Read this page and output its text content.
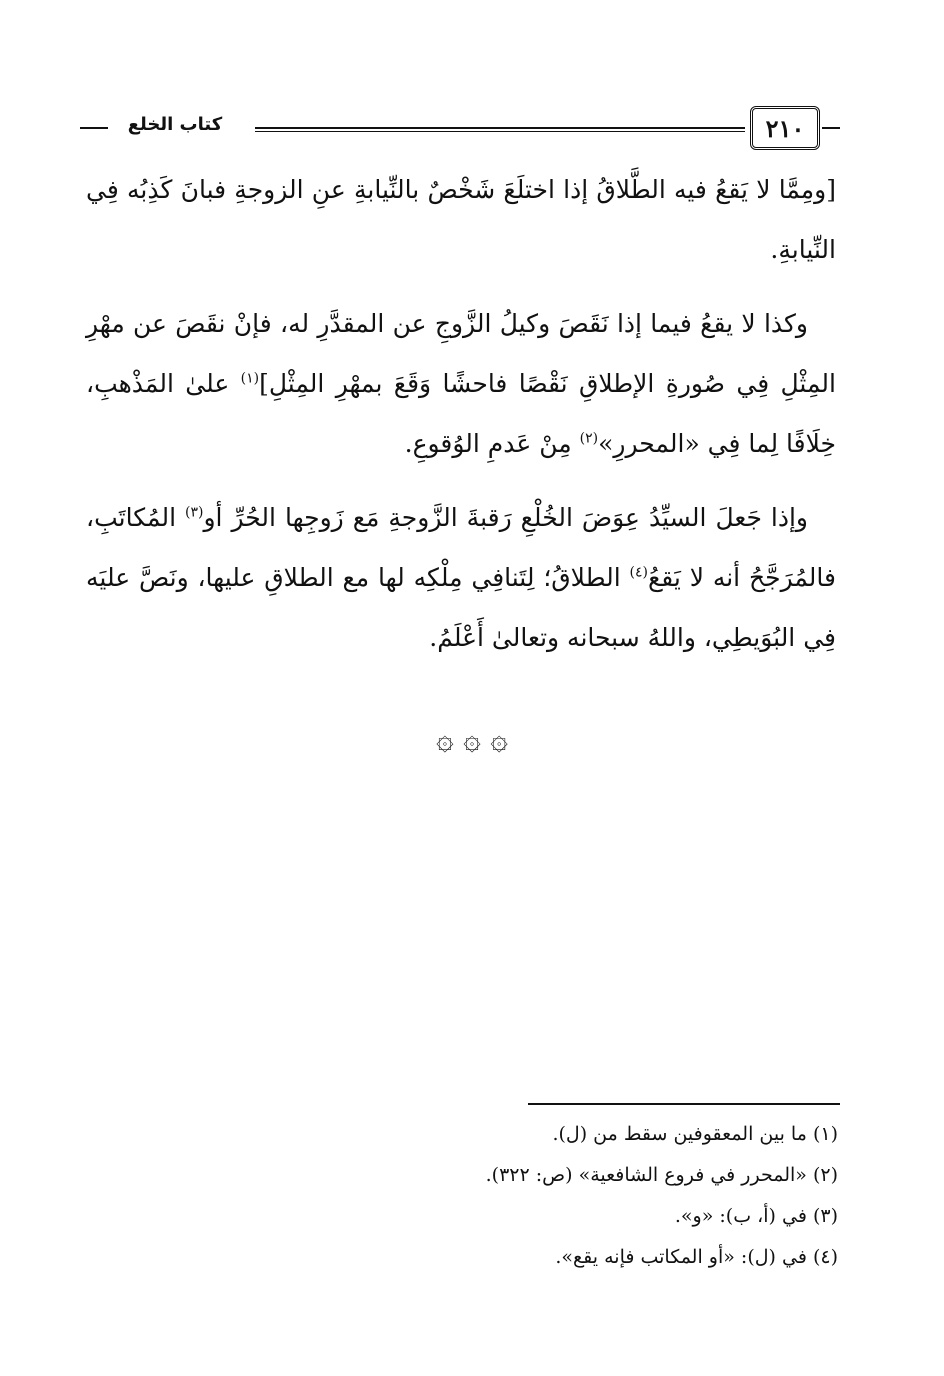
٢١٠
كتاب الخلع

[ومِمَّا لا يَقعُ فيه الطَّلاقُ إذا اختلَعَ شَخْصٌ بالنِّيابةِ عنِ الزوجةِ فبانَ كَذِبُه فِي النِّيابةِ.

وكذا لا يقعُ فيما إذا نَقَصَ وكيلُ الزَّوجِ عن المقدَّرِ له، فإنْ نقَصَ عن مهْرِ المِثْلِ فِي صُورةِ الإطلاقِ نَقْصًا فاحشًا وَقَعَ بمهْرِ المِثْلِ]$^{(١)}$ علىٰ المَذْهبِ، خِلَافًا لِما فِي «المحررِ»$^{(٢)}$ مِنْ عَدمِ الوُقوعِ.

وإذا جَعلَ السيِّدُ عِوَضَ الخُلْعِ رَقبةَ الزَّوجةِ مَع زَوجِها الحُرِّ أو$^{(٣)}$ المُكاتَبِ، فالمُرَجَّحُ أنه لا يَقعُ$^{(٤)}$ الطلاقُ؛ لِتَنافِي مِلْكِه لها مع الطلاقِ عليها، ونَصَّ عليَه فِي البُوَيطِي، واللهُ سبحانه وتعالىٰ أَعْلَمُ.

۞ ۞ ۞
(١) ما بين المعقوفين سقط من (ل).
(٢) «المحرر في فروع الشافعية» (ص: ٣٢٢).
(٣) في (أ، ب): «و».
(٤) في (ل): «أو المكاتب فإنه يقع».
